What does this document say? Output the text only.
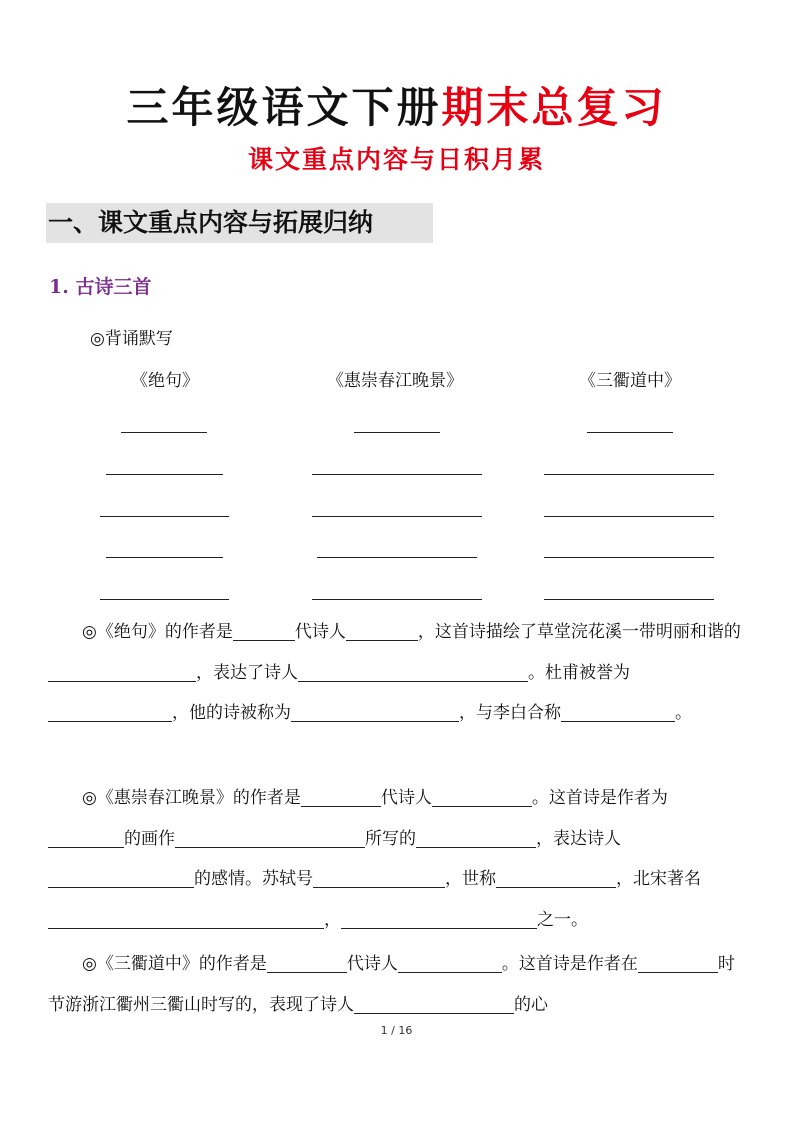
三年级语文下册期末总复习
课文重点内容与日积月累
一、课文重点内容与拓展归纳
1. 古诗三首
◎背诵默写
《绝句》	《惠崇春江晚景》	《三衢道中》
◎《绝句》的作者是	代诗人	，这首诗描绘了草堂浣花溪一带明丽和谐的，表达了诗人	。杜甫被誉为，他的诗被称为	，与李白合称	。
◎《惠崇春江晚景》的作者是	代诗人	。这首诗是作者为的画作	所写的	，表达诗人的感情。苏轼号	，世称	，北宋著名，	之一。
◎《三衢道中》的作者是	代诗人	。这首诗是作者在	时节游浙江衢州三衢山时写的，表现了诗人	的心
1 / 16
